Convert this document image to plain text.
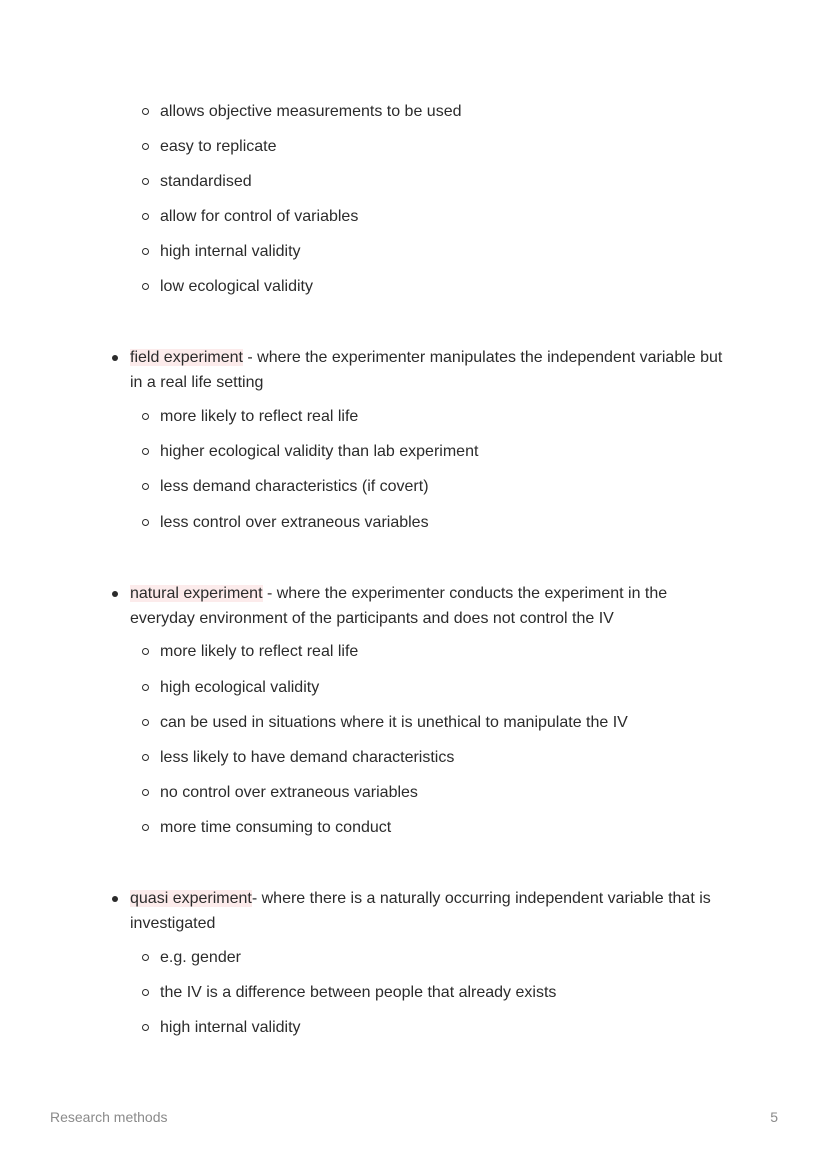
allows objective measurements to be used
easy to replicate
standardised
allow for control of variables
high internal validity
low ecological validity
field experiment - where the experimenter manipulates the independent variable but in a real life setting
more likely to reflect real life
higher ecological validity than lab experiment
less demand characteristics (if covert)
less control over extraneous variables
natural experiment - where the experimenter conducts the experiment in the everyday environment of the participants and does not control the IV
more likely to reflect real life
high ecological validity
can be used in situations where it is unethical to manipulate the IV
less likely to have demand characteristics
no control over extraneous variables
more time consuming to conduct
quasi experiment- where there is a naturally occurring independent variable that is investigated
e.g. gender
the IV is a difference between people that already exists
high internal validity
Research methods	5
